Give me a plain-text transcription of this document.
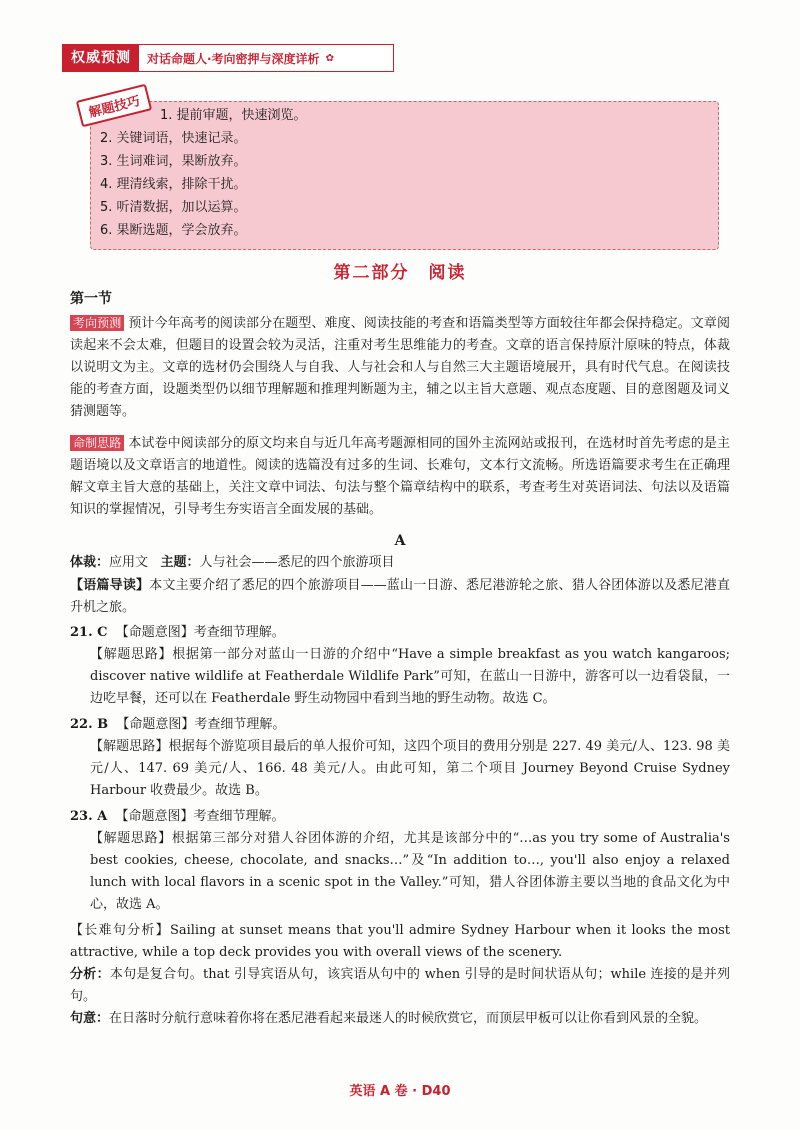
权威预测	对话命题人·考向密押与深度详析 ✿
解题技巧	1. 提前审题，快速浏览。
2. 关键词语，快速记录。
3. 生词难词，果断放弃。
4. 理清线索，排除干扰。
5. 听清数据，加以运算。
6. 果断选题，学会放弃。
第二部分　阅读
第一节

考向预测 预计今年高考的阅读部分在题型、难度、阅读技能的考查和语篇类型等方面较往年都会保持稳定。文章阅读起来不会太难，但题目的设置会较为灵活，注重对考生思维能力的考查。文章的语言保持原汁原味的特点，体裁以说明文为主。文章的选材仍会围绕人与自我、人与社会和人与自然三大主题语境展开，具有时代气息。在阅读技能的考查方面，设题类型仍以细节理解题和推理判断题为主，辅之以主旨大意题、观点态度题、目的意图题及词义猜测题等。

命制思路 本试卷中阅读部分的原文均来自与近几年高考题源相同的国外主流网站或报刊，在选材时首先考虑的是主题语境以及文章语言的地道性。阅读的选篇没有过多的生词、长难句，文本行文流畅。所选语篇要求考生在正确理解文章主旨大意的基础上，关注文章中词法、句法与整个篇章结构中的联系，考查考生对英语词法、句法以及语篇知识的掌握情况，引导考生夯实语言全面发展的基础。

A

体裁：应用文 主题：人与社会——悉尼的四个旅游项目

【语篇导读】本文主要介绍了悉尼的四个旅游项目——蓝山一日游、悉尼港游轮之旅、猎人谷团体游以及悉尼港直升机之旅。

21. C 【命题意图】考查细节理解。
【解题思路】根据第一部分对蓝山一日游的介绍中“Have a simple breakfast as you watch kangaroos; discover native wildlife at Featherdale Wildlife Park”可知，在蓝山一日游中，游客可以一边看袋鼠，一边吃早餐，还可以在 Featherdale 野生动物园中看到当地的野生动物。故选 C。
22. B 【命题意图】考查细节理解。
【解题思路】根据每个游览项目最后的单人报价可知，这四个项目的费用分别是 227. 49 美元/人、123. 98 美元/人、147. 69 美元/人、166. 48 美元/人。由此可知，第二个项目 Journey Beyond Cruise Sydney Harbour 收费最少。故选 B。
23. A 【命题意图】考查细节理解。
【解题思路】根据第三部分对猎人谷团体游的介绍，尤其是该部分中的“…as you try some of Australia's best cookies, cheese, chocolate, and snacks…”及“In addition to…, you'll also enjoy a relaxed lunch with local flavors in a scenic spot in the Valley.”可知，猎人谷团体游主要以当地的食品文化为中心，故选 A。
【长难句分析】Sailing at sunset means that you'll admire Sydney Harbour when it looks the most attractive, while a top deck provides you with overall views of the scenery.
分析：本句是复合句。that 引导宾语从句，该宾语从句中的 when 引导的是时间状语从句；while 连接的是并列句。
句意：在日落时分航行意味着你将在悉尼港看起来最迷人的时候欣赏它，而顶层甲板可以让你看到风景的全貌。
英语 A 卷 · D40
